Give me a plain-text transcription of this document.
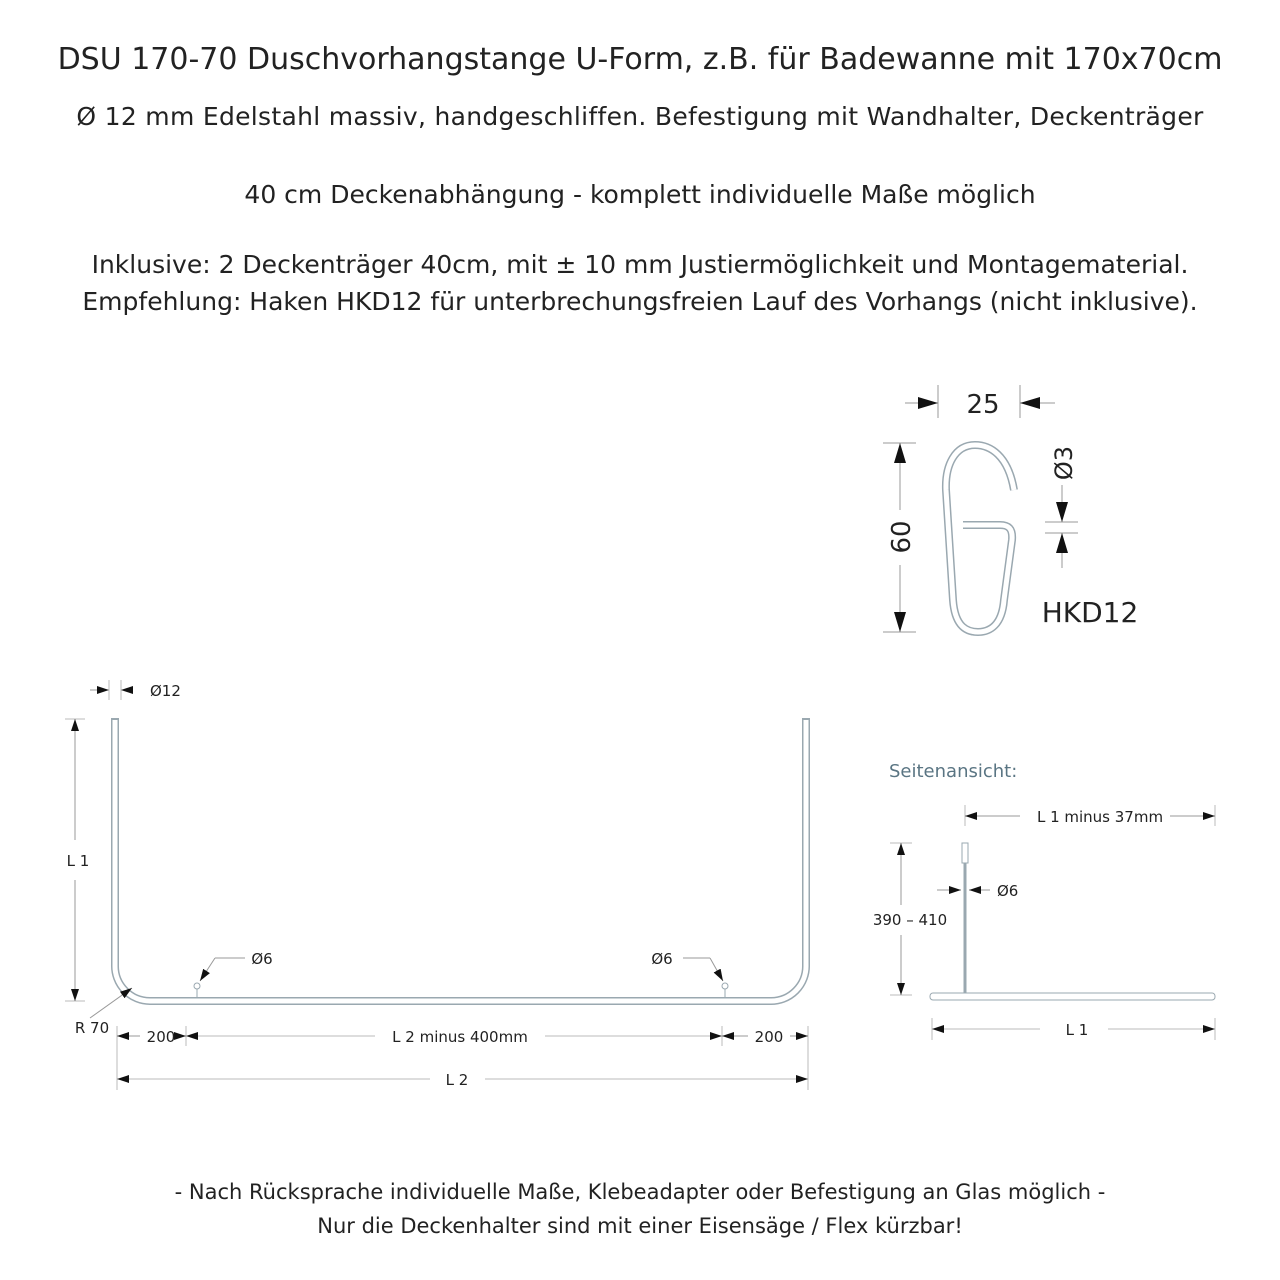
DSU 170-70 Duschvorhangstange U-Form, z.B. für Badewanne mit 170x70cm
Ø 12 mm Edelstahl massiv, handgeschliffen. Befestigung mit Wandhalter, Deckenträger
40 cm Deckenabhängung - komplett individuelle Maße möglich
Inklusive: 2 Deckenträger 40cm, mit ± 10 mm Justiermöglichkeit und Montagematerial.
Empfehlung: Haken HKD12 für unterbrechungsfreien Lauf des Vorhangs (nicht inklusive).
25
60
Ø3
HKD12
Ø12
L 1
R 70
Ø6	Ø6
200	L 2 minus 400mm	200
L 2
Seitenansicht:
L 1 minus 37mm
Ø6
390 – 410
L 1
- Nach Rücksprache individuelle Maße, Klebeadapter oder Befestigung an Glas möglich -
Nur die Deckenhalter sind mit einer Eisensäge / Flex kürzbar!
